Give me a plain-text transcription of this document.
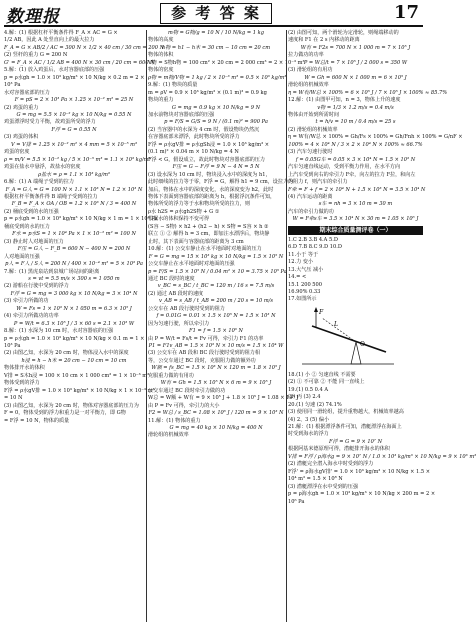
数理报	参 考 答 案	17
4.解：(1) 根据杠杆平衡条件得 F_A × AC = G ×
1/2 AB，因此 A 处竖直向上的最大拉力
F_A = G × AB/2 / AC = 300 N × 1/2 × 40 cm / 30 cm = 200 N
(2) 竖杆的重力 G = 200 N
G' = F_A × AC / 1/2 AB = 400 N × 30 cm / 20 cm = 600 N
5.解：(1) 放入鸡蛋后，水对容器底部的压强
p = ρ水gh = 1.0 × 10³ kg/m³ × 10 N/kg × 0.2 m = 2 ×
10³ Pa
水对容器底部的压力
F = pS = 2 × 10³ Pa × 1.25 × 10⁻² m² = 25 N
(2) 鸡蛋的重力
G = mg = 5.5 × 10⁻² kg × 10 N/kg = 0.55 N
鸡蛋漂浮时受力平衡，故鸡蛋所受的浮力
F浮 = G = 0.55 N
(3) 鸡蛋的体积
V = V排 = 1.25 × 10⁻² m² × 4 mm = 5 × 10⁻⁵ m³
鸡蛋的密度
ρ = m/V = 5.5 × 10⁻² kg / 5 × 10⁻⁵ m³ = 1.1 × 10³ kg/m³
鸡蛋在盐水中悬浮，故盐水的密度
ρ盐水 = ρ = 1.1 × 10³ kg/m³
6.解：(1) A 端绳子受到的拉力
F_A = G人 = G = 100 N × 1.1 × 10³ N = 1.2 × 10³ N
根据杠杆平衡条件得 B 端绳子受到的拉力
F_B = F_A × OA / OB = 1.2 × 10³ N / 3 = 400 N
(2) 桶底受到的水的压强
p = ρ水gh = 1.0 × 10³ kg/m³ × 10 N/kg × 1 m = 1 × 10⁴ Pa
桶底受到的水的压力
F水 = p水S = 1 × 10⁴ Pa × 1 × 10⁻² m² = 100 N
(3) 静止时人对地面的压力
F压 = G人 − F_B = 600 N − 400 N = 200 N
人对地面的压强
p人 = F人 / S人 = 200 N / 400 × 10⁻⁴ m² = 5 × 10³ Pa
7.解：(1) 黑虎泉站到泉城广场站间的距离
s = vt = 5.5 m/s × 300 s = 1 050 m
(2) 游船在行驶中受到的浮力
F浮 = G = mg = 3 000 kg × 10 N/kg = 3 × 10⁴ N
(3) 牵引力所做的功
W = Fs = 1 × 10³ N × 1 050 m = 6.3 × 10⁵ J
(4) 牵引力所做功的功率
P = W/t = 6.3 × 10⁵ J / 3 × 60 s = 2.1 × 10³ W
8.解：(1) 水深为 10 cm 时，水对容器底的压强
p = ρ水gh = 1.0 × 10³ kg/m³ × 10 N/kg × 0.1 m = 1 ×
10³ Pa
(2) 由图乙知，水深为 20 cm 时，物体浸入水中的深度
h浸 = h − h木 = 20 cm − 10 cm = 10 cm
物体排开水的体积
V排 = S木h浸 = 100 × 10 cm × 1 000 cm³ = 1 × 10⁻³ m³
物体受到的浮力
F浮 = ρ水gV排 = 1.0 × 10³ kg/m³ × 10 N/kg × 1 × 10⁻³ m³
= 10 N
(3) 由图乙知，水深为 20 cm 时，物体对容器底部的压力为
F = 0，物体受到的浮力和重力是一对平衡力，即 G物
= F浮 = 10 N，物体的质量
m物 = G物/g = 10 N / 10 N/kg = 1 kg
物体的高度
h物 = h1 − h木 = 30 cm − 10 cm = 20 cm
物体的体积
V物 = S物h物 = 100 cm² × 20 cm = 2 000 cm³ = 2 × 10⁻³ m³
物体的密度
ρ物 = m物/V物 = 1 kg / 2 × 10⁻³ m³ = 0.5 × 10³ kg/m³
9.解：(1) 物块的质量
m = ρV = 0.9 × 10³ kg/m³ × (0.1 m)³ = 0.9 kg
物块的重力
G = mg = 0.9 kg × 10 N/kg = 9 N
加水前物块对容器底部的压强
p = F/S = G/S = 9 N / (0.1 m)² = 900 Pa
(2) 当容器中的水深为 4 cm 时，假设物块仍然沉
在容器底部未漂浮，此时物块所受的浮力
F浮 = ρ水gV排 = ρ水gSh浸 = 1.0 × 10³ kg/m³ ×
(0.1 m)² × 0.04 m × 10 N/kg = 4 N
F浮 < G，假设成立，故此时物块对容器底部的压力
F压 = G − F浮 = 9 N − 4 N = 5 N
(3) 设水深为 10 cm 时，物块浸入水中的深度为 h1，
此时细线的拉力等于零，F浮 = G，解得 h1 = 9 cm，设拉力为
加后，物体在水中的深度变化，水的深度变为 h2，此时
物体下表面到容器底部的距离为 h，根据浮沉条件可知，
物体所受的浮力等于水和物块所受的拉力，则
ρ水 h2S = ρ水gh2S物 + G ①
根据水的体积保持不变可得
(S容 − S物) × h2 + (h2 − h) × S物 = S容 × h ②
联立 ① ② 解得 h = 3 cm，即加注水漂浮后，物块静
止时，其下表面与容器底部的距离为 3 cm
10.解：(1) 公交车静止在水平地面时对地面的压力
F = G = mg = 15 × 10³ kg × 10 N/kg = 1.5 × 10⁵ N
公交车静止在水平地面时对地面的压强
p = F/S = 1.5 × 10⁵ N / 0.04 m² × 10 = 3.75 × 10⁵ Pa
通过 BC 段时的速度
v_BC = s_BC / t_BC = 120 m / 16 s = 7.5 m/s
(2) 通过 AB 段时的速度
v_AB = s_AB / t_AB = 200 m / 20 s = 10 m/s
公交车在 AB 段行驶时受到的阻力
f = 0.01G = 0.01 × 1.5 × 10⁵ N = 1.5 × 10³ N
因为匀速行驶，所以牵引力
F1 = f = 1.5 × 10³ N
由 P = W/t = Fs/t = Fv 可得，牵引力 F1 的功率
P1 = F1v_AB = 1.5 × 10³ N × 10 m/s = 1.5 × 10⁴ W
(3) 公交车在 AB 段和 BC 段行驶时受到的阻力相
等，公交车通过 BC 段时，克服阻力做的额外功
W额 = fs_BC = 1.5 × 10³ N × 120 m = 1.8 × 10⁵ J
克服重力做的有用功
W有 = Gh = 1.5 × 10⁵ N × 6 m = 9 × 10⁵ J
公交车通过 BC 段时牵引力做的功
W总 = W额 + W有 = 9 × 10⁵ J + 1.8 × 10⁵ J = 1.08 × 10⁶ J
由 P = Fv 可得，牵引力的大小
F2 = W总 / s_BC = 1.08 × 10⁶ J / 120 m = 9 × 10³ N
11.解：(1) 物体的重力
G = mg = 40 kg × 10 N/kg = 400 N
滑轮组的机械效率
(2) 由图可知，两个滑轮为定滑轮，则绳端移动的
速度和 F1 在 2 s 内移动的距离
W有 = F2s = 700 N × 1 000 m = 7 × 10⁵ J
拉力做功的功率
P = W总/t = 7 × 10⁵ J / 2 000 s = 350 W
(3) 滑轮组的有用功
W = Gh = 600 N × 1 000 m = 6 × 10⁵ J
滑轮组的机械效率
η = W有/W总 × 100% = 6 × 10⁵ J / 7 × 10⁵ J × 100% ≈ 85.7%
12.解：(1) 由图甲可知，n = 3，物体上升的速度
v物 = 1/3 × 1.2 m/s = 0.4 m/s
物体由开始到所需时间
t = h/v = 10 m / 0.4 m/s = 25 s
(2) 滑轮组的机械效率
η = W有/W总 × 100% = Gh/Fs × 100% = Gh/Fnh × 100% = G/nF ×
100% = 4 × 10⁴ N / 3 × 2 × 10⁴ N × 100% ≈ 66.7%
(3) 汽车匀速行驶时
f = 0.05G车 = 0.05 × 3 × 10⁴ N = 1.5 × 10³ N
汽车匀速直线运动，受到平衡力作用，在水平方向
上汽车受到向右的牵引力 F牵，向左的拉力 F拉，和向左
的阻力 f，则汽车的牵引力
F牵 = F + f = 2 × 10⁴ N + 1.5 × 10³ N = 3.5 × 10⁴ N
(4) 汽车运动的距离
s车 = nh = 3 × 10 m = 30 m
汽车的牵引力做的功
W = F牵s车 = 3.5 × 10⁴ N × 30 m = 1.05 × 10⁶ J
期末综合质量测评卷（一）
1.C 2.B 3.B 4.A 5.D
6.D 7.B 8.C 9.D 10.D
11.小于 等于
12.力 变小
13.大气压 减小
14.= <
15.1 200 500
16.90% 0.33
17.如图所示
F
O
L
18.(1) 小 ② 匀速直线 不需要
(2) ① 不可靠 ② 不能 同一直线上
19.(1) 0.5 0.4 A
(2) 丙 (3) 2.4
20.(1) 匀速 (2) 74.1%
(3) 使用同一滑轮组，提升重物越大，机械效率越高
(4) 2、3 (5) 偏小
21.解：(1) 根据漂浮条件可知，潜艇漂浮在海面上
时受到海水的浮力
F浮 = G = 9 × 10⁷ N
根据阿基米德原理可得，潜艇排开海水的体积
V排 = F浮 / ρ海水g = 9 × 10⁷ N / 1.0 × 10³ kg/m³ × 10 N/kg = 9 × 10³ m³
(2) 潜艇完全潜入海水中时受到的浮力
F浮' = ρ海水gV排' = 1.0 × 10³ kg/m³ × 10 N/kg × 1.5 ×
10⁴ m³ = 1.5 × 10⁸ N
(3) 潜艇漂浮在水中受到的压强
p = ρ海水gh = 1.0 × 10³ kg/m³ × 10 N/kg × 200 m = 2 ×
10⁶ Pa
